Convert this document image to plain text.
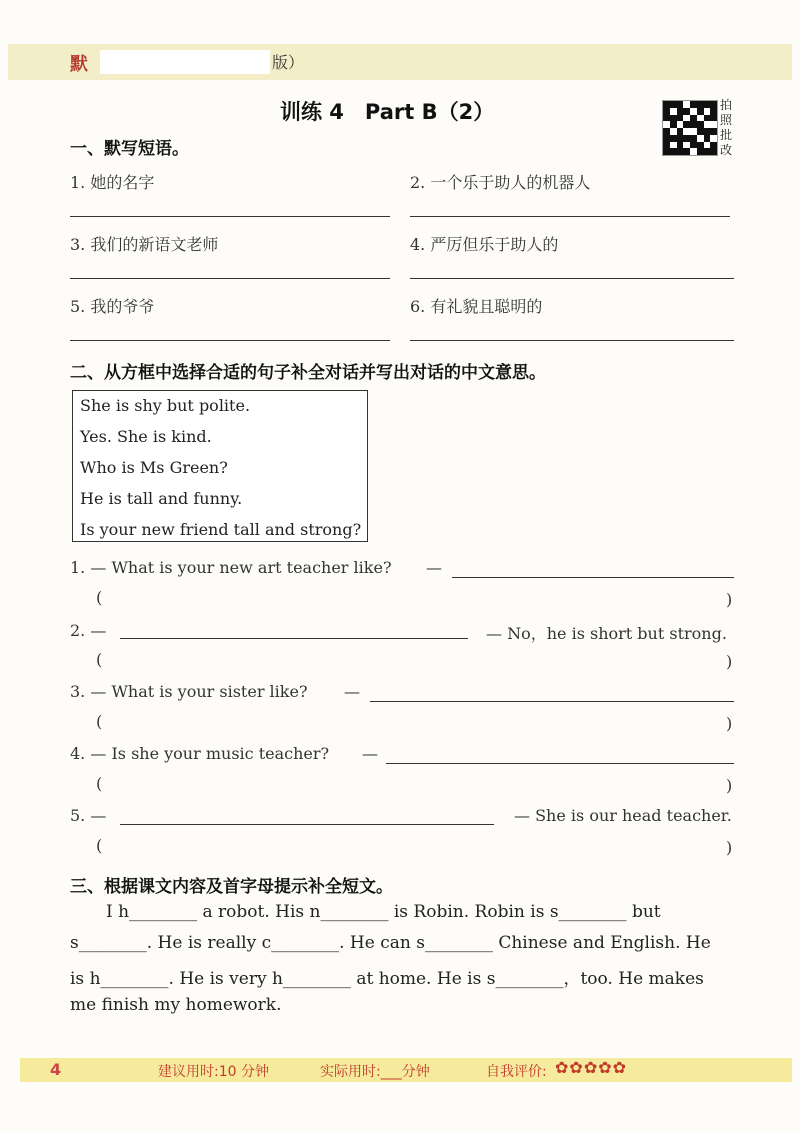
默	版）
训练 4　Part B（2）	拍照批改
一、默写短语。
1. 她的名字	2. 一个乐于助人的机器人
3. 我们的新语文老师	4. 严厉但乐于助人的
5. 我的爷爷	6. 有礼貌且聪明的
二、从方框中选择合适的句子补全对话并写出对话的中文意思。
She is shy but polite.
Yes. She is kind.
Who is Ms Green?
He is tall and funny.
Is your new friend tall and strong?
1. — What is your new art teacher like? —
(	)
2. —	— No，he is short but strong.
(	)
3. — What is your sister like? —
(	)
4. — Is she your music teacher? —
(	)
5. —	— She is our head teacher.
(	)
三、根据课文内容及首字母提示补全短文。
I h________ a robot. His n________ is Robin. Robin is s________ but
s________. He is really c________. He can s________ Chinese and English. He
is h________. He is very h________ at home. He is s________，too. He makes
me finish my homework.
4	建议用时:10 分钟	实际用时:___分钟	自我评价: ✿✿✿✿✿
